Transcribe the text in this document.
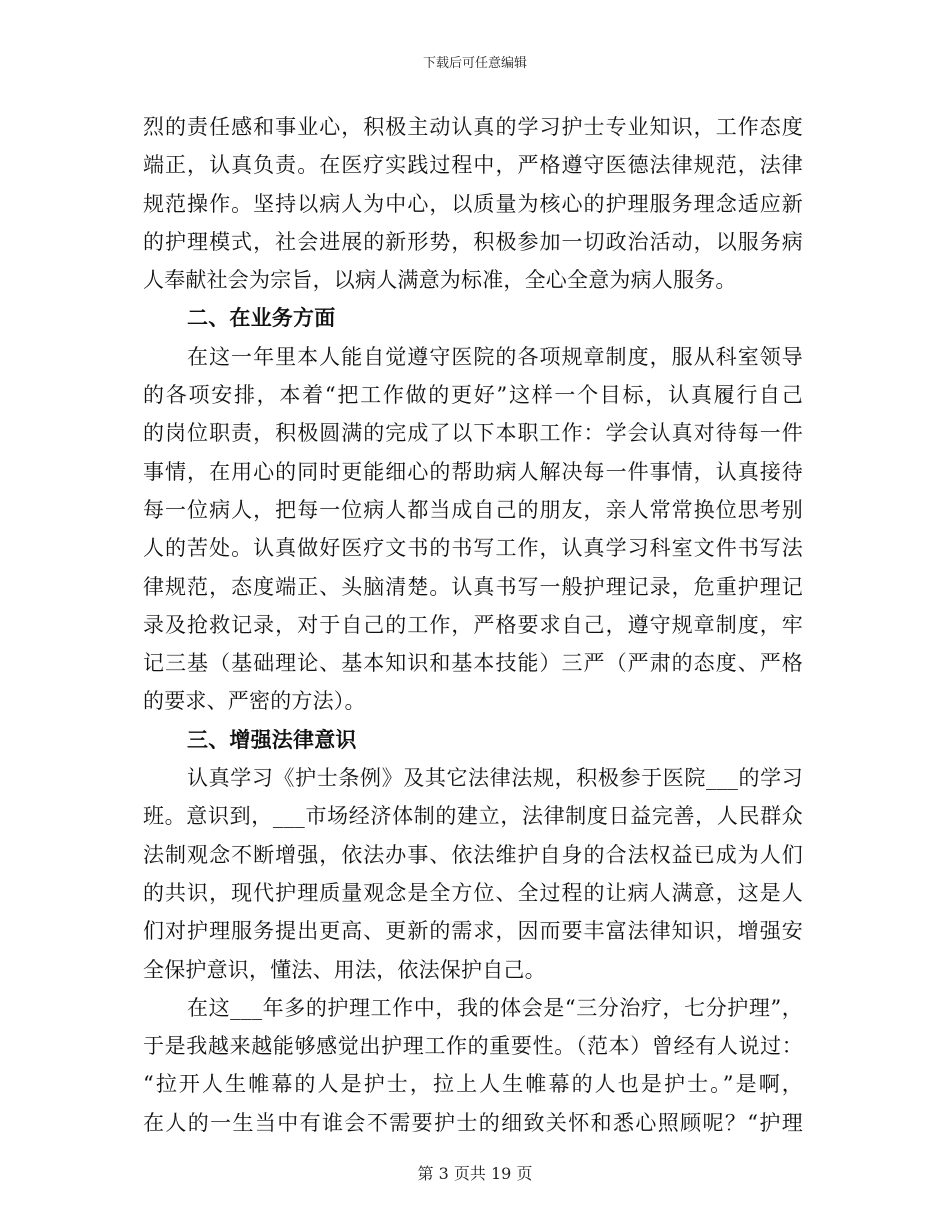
下载后可任意编辑
烈的责任感和事业心，积极主动认真的学习护士专业知识，工作态度
端正，认真负责。在医疗实践过程中，严格遵守医德法律规范，法律
规范操作。坚持以病人为中心，以质量为核心的护理服务理念适应新
的护理模式，社会进展的新形势，积极参加一切政治活动，以服务病
人奉献社会为宗旨，以病人满意为标准，全心全意为病人服务。
二、在业务方面
在这一年里本人能自觉遵守医院的各项规章制度，服从科室领导
的各项安排，本着“把工作做的更好”这样一个目标，认真履行自己
的岗位职责，积极圆满的完成了以下本职工作：学会认真对待每一件
事情，在用心的同时更能细心的帮助病人解决每一件事情，认真接待
每一位病人，把每一位病人都当成自己的朋友，亲人常常换位思考别
人的苦处。认真做好医疗文书的书写工作，认真学习科室文件书写法
律规范，态度端正、头脑清楚。认真书写一般护理记录，危重护理记
录及抢救记录，对于自己的工作，严格要求自己，遵守规章制度，牢
记三基（基础理论、基本知识和基本技能）三严（严肃的态度、严格
的要求、严密的方法）。
三、增强法律意识
认真学习《护士条例》及其它法律法规，积极参于医院___的学习
班。意识到，___市场经济体制的建立，法律制度日益完善，人民群众
法制观念不断增强，依法办事、依法维护自身的合法权益已成为人们
的共识，现代护理质量观念是全方位、全过程的让病人满意，这是人
们对护理服务提出更高、更新的需求，因而要丰富法律知识，增强安
全保护意识，懂法、用法，依法保护自己。
在这___年多的护理工作中，我的体会是“三分治疗，七分护理”，
于是我越来越能够感觉出护理工作的重要性。（范本）曾经有人说过：
“拉开人生帷幕的人是护士，拉上人生帷幕的人也是护士。”是啊，
在人的一生当中有谁会不需要护士的细致关怀和悉心照顾呢？“护理
第 3 页共 19 页
